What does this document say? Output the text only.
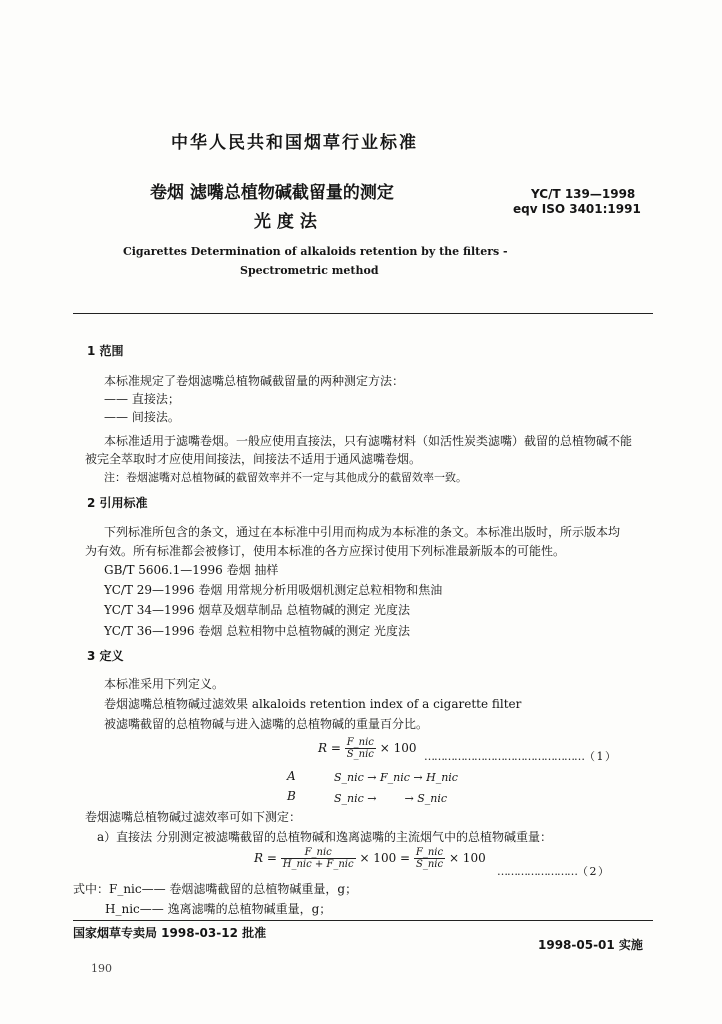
中华人民共和国烟草行业标准
卷烟 滤嘴总植物碱截留量的测定
光 度 法
YC/T 139—1998
eqv ISO 3401:1991
Cigarettes Determination of alkaloids retention by the filters -
Spectrometric method
1 范围
本标准规定了卷烟滤嘴总植物碱截留量的两种测定方法：
—— 直接法；
—— 间接法。
本标准适用于滤嘴卷烟。一般应使用直接法，只有滤嘴材料（如活性炭类滤嘴）截留的总植物碱不能
被完全萃取时才应使用间接法，间接法不适用于通风滤嘴卷烟。
注：卷烟滤嘴对总植物碱的截留效率并不一定与其他成分的截留效率一致。
2 引用标准
下列标准所包含的条文，通过在本标准中引用而构成为本标准的条文。本标准出版时，所示版本均
为有效。所有标准都会被修订，使用本标准的各方应探讨使用下列标准最新版本的可能性。
GB/T 5606.1—1996 卷烟 抽样
YC/T 29—1996 卷烟 用常规分析用吸烟机测定总粒相物和焦油
YC/T 34—1996 烟草及烟草制品 总植物碱的测定 光度法
YC/T 36—1996 卷烟 总粒相物中总植物碱的测定 光度法
3 定义
本标准采用下列定义。
卷烟滤嘴总植物碱过滤效果 alkaloids retention index of a cigarette filter
被滤嘴截留的总植物碱与进入滤嘴的总植物碱的重量百分比。
$R = \frac{\text{F\_nic}}{\text{S\_nic}} \times 100$
…………………………………………（ 1 ）
A	S_nic → F_nic → H_nic
B	S_nic →        → S_nic
卷烟滤嘴总植物碱过滤效率可如下测定：
a）直接法 分别测定被滤嘴截留的总植物碱和逸离滤嘴的主流烟气中的总植物碱重量：
$R = \frac{\text{F\_nic}}{\text{H\_nic + F\_nic}} \times 100 = \frac{\text{F\_nic}}{\text{S\_nic}} \times 100$
……………………（ 2 ）
式中：F_nic—— 卷烟滤嘴截留的总植物碱重量，g；
H_nic—— 逸离滤嘴的总植物碱重量，g；
国家烟草专卖局 1998-03-12 批准
1998-05-01 实施
190
